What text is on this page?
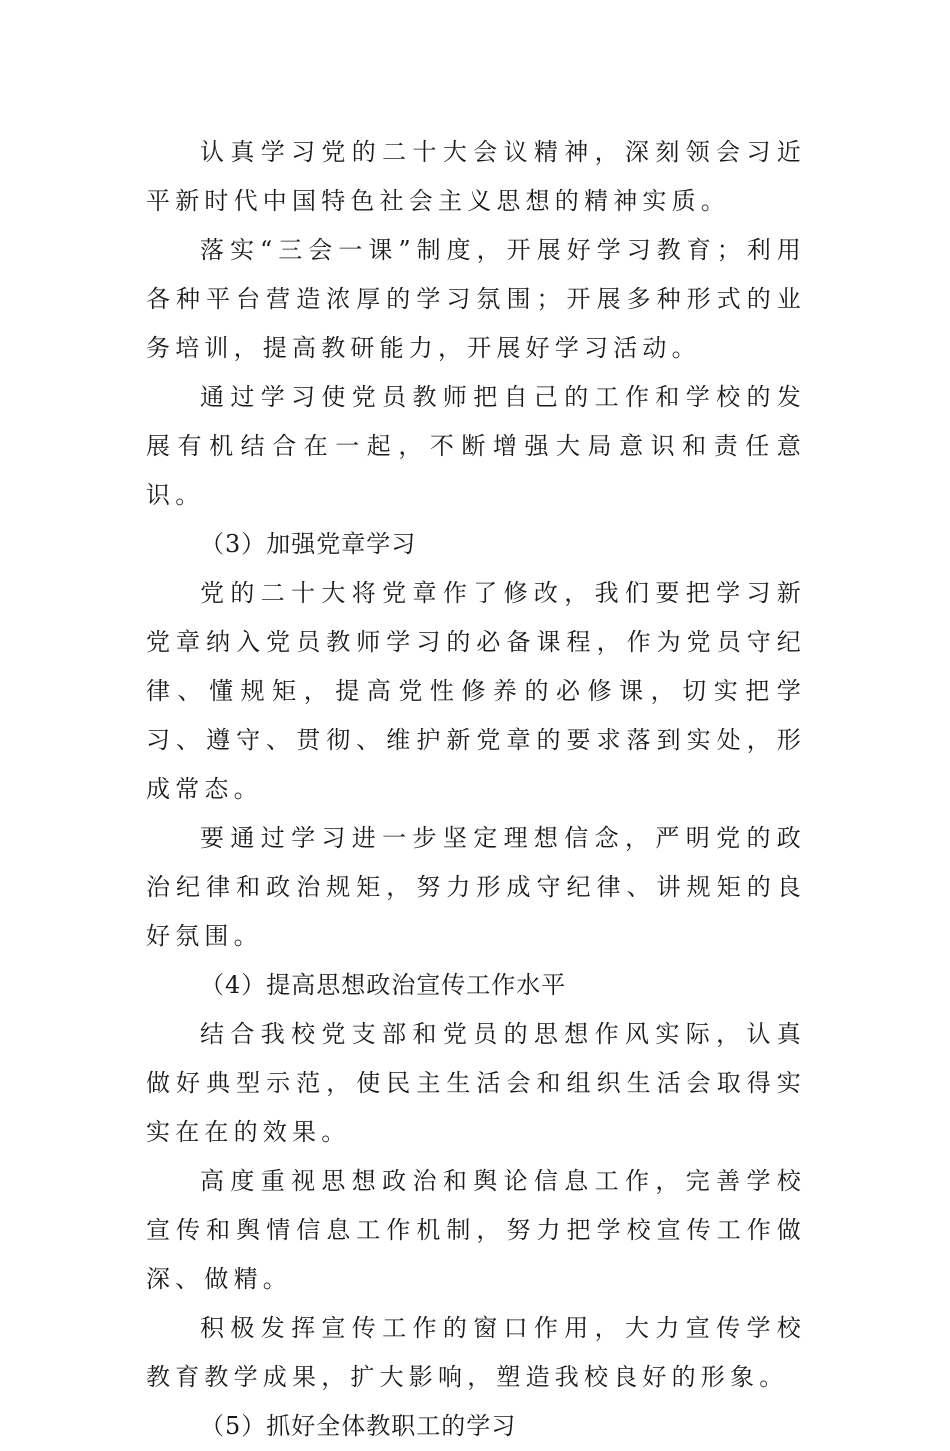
认真学习党的二十大会议精神，深刻领会习近平新时代中国特色社会主义思想的精神实质。

落实“三会一课”制度，开展好学习教育；利用各种平台营造浓厚的学习氛围；开展多种形式的业务培训，提高教研能力，开展好学习活动。

通过学习使党员教师把自己的工作和学校的发展有机结合在一起，不断增强大局意识和责任意识。

（3）加强党章学习

党的二十大将党章作了修改，我们要把学习新党章纳入党员教师学习的必备课程，作为党员守纪律、懂规矩，提高党性修养的必修课，切实把学习、遵守、贯彻、维护新党章的要求落到实处，形成常态。

要通过学习进一步坚定理想信念，严明党的政治纪律和政治规矩，努力形成守纪律、讲规矩的良好氛围。

（4）提高思想政治宣传工作水平

结合我校党支部和党员的思想作风实际，认真做好典型示范，使民主生活会和组织生活会取得实实在在的效果。

高度重视思想政治和舆论信息工作，完善学校宣传和舆情信息工作机制，努力把学校宣传工作做深、做精。

积极发挥宣传工作的窗口作用，大力宣传学校教育教学成果，扩大影响，塑造我校良好的形象。

（5）抓好全体教职工的学习
